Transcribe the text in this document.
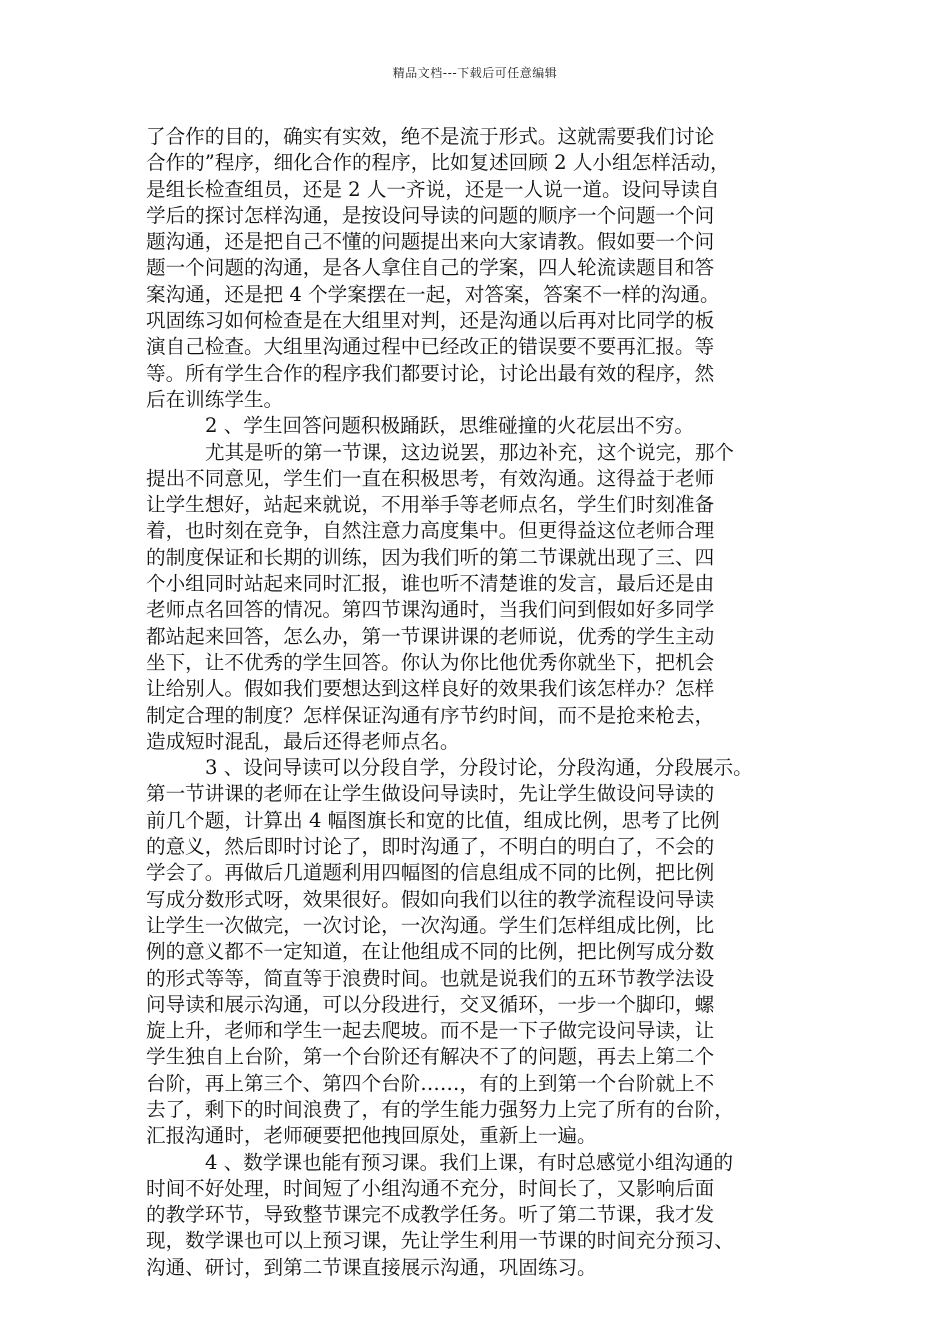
精品文档---下载后可任意编辑
了合作的目的，确实有实效，绝不是流于形式。这就需要我们讨论
合作的”程序，细化合作的程序，比如复述回顾 2 人小组怎样活动，
是组长检查组员，还是 2 人一齐说，还是一人说一道。设问导读自
学后的探讨怎样沟通，是按设问导读的问题的顺序一个问题一个问
题沟通，还是把自己不懂的问题提出来向大家请教。假如要一个问
题一个问题的沟通，是各人拿住自己的学案，四人轮流读题目和答
案沟通，还是把 4 个学案摆在一起，对答案，答案不一样的沟通。
巩固练习如何检查是在大组里对判，还是沟通以后再对比同学的板
演自己检查。大组里沟通过程中已经改正的错误要不要再汇报。等
等。所有学生合作的程序我们都要讨论，讨论出最有效的程序，然
后在训练学生。
2 、学生回答问题积极踊跃，思维碰撞的火花层出不穷。
尤其是听的第一节课，这边说罢，那边补充，这个说完，那个
提出不同意见，学生们一直在积极思考，有效沟通。这得益于老师
让学生想好，站起来就说，不用举手等老师点名，学生们时刻准备
着，也时刻在竞争，自然注意力高度集中。但更得益这位老师合理
的制度保证和长期的训练，因为我们听的第二节课就出现了三、四
个小组同时站起来同时汇报，谁也听不清楚谁的发言，最后还是由
老师点名回答的情况。第四节课沟通时，当我们问到假如好多同学
都站起来回答，怎么办，第一节课讲课的老师说，优秀的学生主动
坐下，让不优秀的学生回答。你认为你比他优秀你就坐下，把机会
让给别人。假如我们要想达到这样良好的效果我们该怎样办？怎样
制定合理的制度？怎样保证沟通有序节约时间，而不是抢来枪去，
造成短时混乱，最后还得老师点名。
3 、设问导读可以分段自学，分段讨论，分段沟通，分段展示。
第一节讲课的老师在让学生做设问导读时，先让学生做设问导读的
前几个题，计算出 4 幅图旗长和宽的比值，组成比例，思考了比例
的意义，然后即时讨论了，即时沟通了，不明白的明白了，不会的
学会了。再做后几道题利用四幅图的信息组成不同的比例，把比例
写成分数形式呀，效果很好。假如向我们以往的教学流程设问导读
让学生一次做完，一次讨论，一次沟通。学生们怎样组成比例，比
例的意义都不一定知道，在让他组成不同的比例，把比例写成分数
的形式等等，简直等于浪费时间。也就是说我们的五环节教学法设
问导读和展示沟通，可以分段进行，交叉循环，一步一个脚印，螺
旋上升，老师和学生一起去爬坡。而不是一下子做完设问导读，让
学生独自上台阶，第一个台阶还有解决不了的问题，再去上第二个
台阶，再上第三个、第四个台阶……，有的上到第一个台阶就上不
去了，剩下的时间浪费了，有的学生能力强努力上完了所有的台阶，
汇报沟通时，老师硬要把他拽回原处，重新上一遍。
4 、数学课也能有预习课。我们上课，有时总感觉小组沟通的
时间不好处理，时间短了小组沟通不充分，时间长了，又影响后面
的教学环节，导致整节课完不成教学任务。听了第二节课，我才发
现，数学课也可以上预习课，先让学生利用一节课的时间充分预习、
沟通、研讨，到第二节课直接展示沟通，巩固练习。
